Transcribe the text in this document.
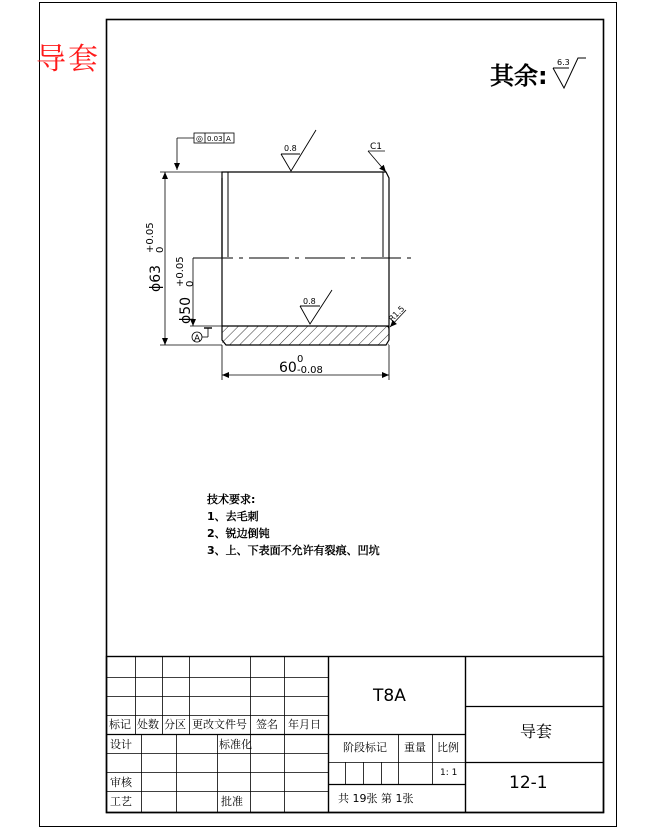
6.3
ϕ63
+0.05 0
ϕ50
+0.05 0
A
◎ 0.03 A
0.8
0.8
C1
R1.5
60
0
-0.08
导套	其余:
技术要求:
1、去毛刺
2、锐边倒钝
3、上、下表面不允许有裂痕、凹坑
标记 处数 分区 更改文件号 签名 年月日
设计	标准化
审核
工艺	批准
T8A
导套
12-1
阶段标记 重量 比例
1: 1
共 19张 第 1张
